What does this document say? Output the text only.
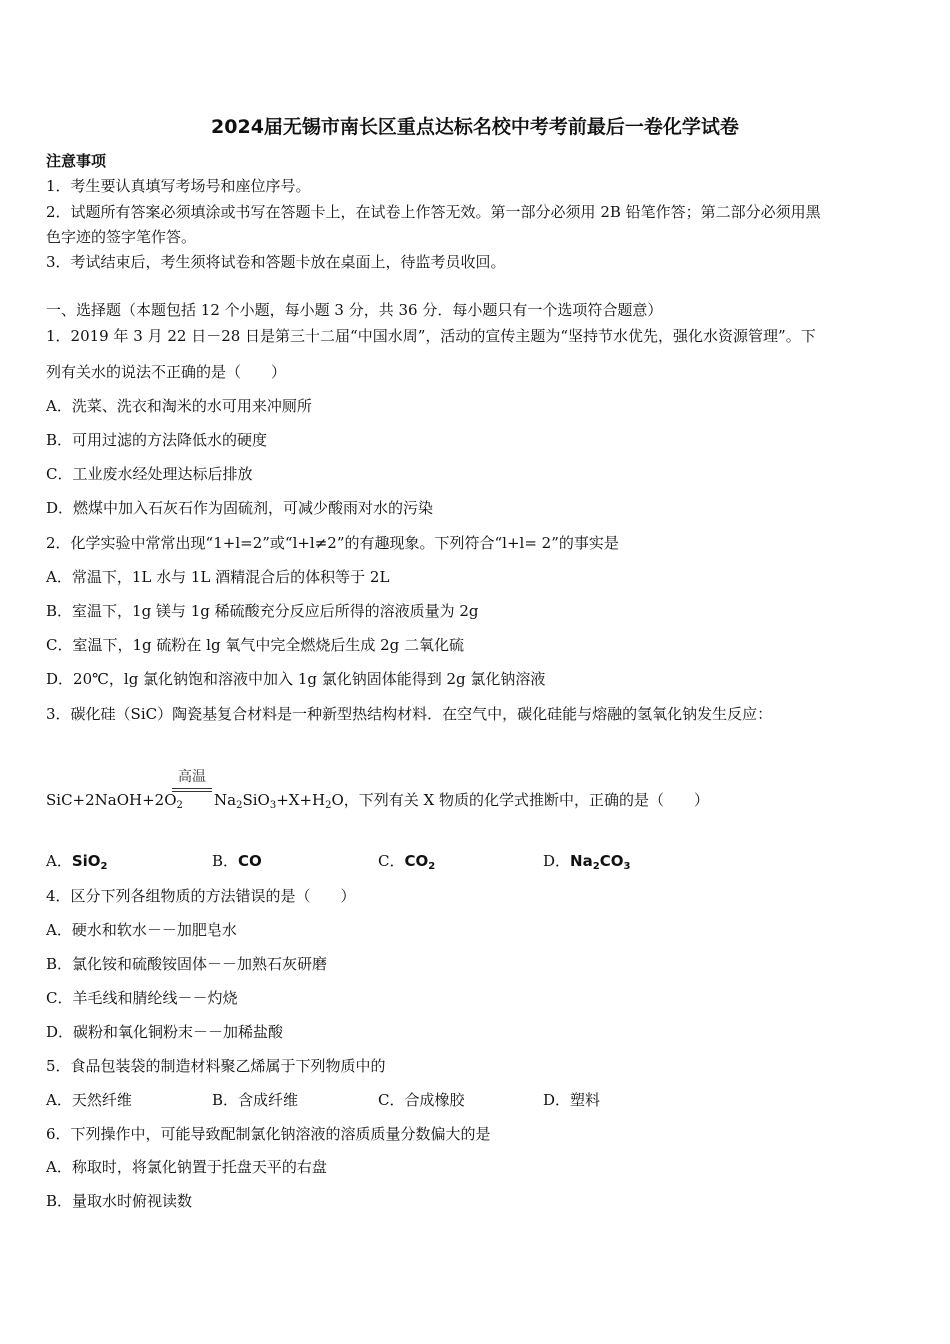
2024届无锡市南长区重点达标名校中考考前最后一卷化学试卷
注意事项
1．考生要认真填写考场号和座位序号。
2．试题所有答案必须填涂或书写在答题卡上，在试卷上作答无效。第一部分必须用 2B 铅笔作答；第二部分必须用黑
色字迹的签字笔作答。
3．考试结束后，考生须将试卷和答题卡放在桌面上，待监考员收回。
一、选择题（本题包括 12 个小题，每小题 3 分，共 36 分．每小题只有一个选项符合题意）
1．2019 年 3 月 22 日－28 日是第三十二届“中国水周”，活动的宣传主题为“坚持节水优先，强化水资源管理”。下
列有关水的说法不正确的是（　　）
A．洗菜、洗衣和淘米的水可用来冲厕所
B．可用过滤的方法降低水的硬度
C．工业废水经处理达标后排放
D．燃煤中加入石灰石作为固硫剂，可减少酸雨对水的污染
2．化学实验中常常出现“1+l=2”或“l+l≠2”的有趣现象。下列符合“l+l= 2”的事实是
A．常温下，1L 水与 1L 酒精混合后的体积等于 2L
B．室温下，1g 镁与 1g 稀硫酸充分反应后所得的溶液质量为 2g
C．室温下，1g 硫粉在 lg 氧气中完全燃烧后生成 2g 二氧化硫
D．20℃，lg 氯化钠饱和溶液中加入 1g 氯化钠固体能得到 2g 氯化钠溶液
3．碳化硅（SiC）陶瓷基复合材料是一种新型热结构材料．在空气中，碳化硅能与熔融的氢氧化钠发生反应：
$SiC+2NaOH+2O_2$
高温
$Na_2SiO_3+X+H_2O$，下列有关 X 物质的化学式推断中，正确的是（　　）
A．SiO$_2$	B．CO	C．$CO_2$	D．$Na_2CO_3$
4．区分下列各组物质的方法错误的是（　　）
A．硬水和软水－－加肥皂水
B．氯化铵和硫酸铵固体－－加熟石灰研磨
C．羊毛线和腈纶线－－灼烧
D．碳粉和氧化铜粉末－－加稀盐酸
5．食品包装袋的制造材料聚乙烯属于下列物质中的
A．天然纤维	B．含成纤维	C．合成橡胶	D．塑料
6．下列操作中，可能导致配制氯化钠溶液的溶质质量分数偏大的是
A．称取时，将氯化钠置于托盘天平的右盘
B．量取水时俯视读数
